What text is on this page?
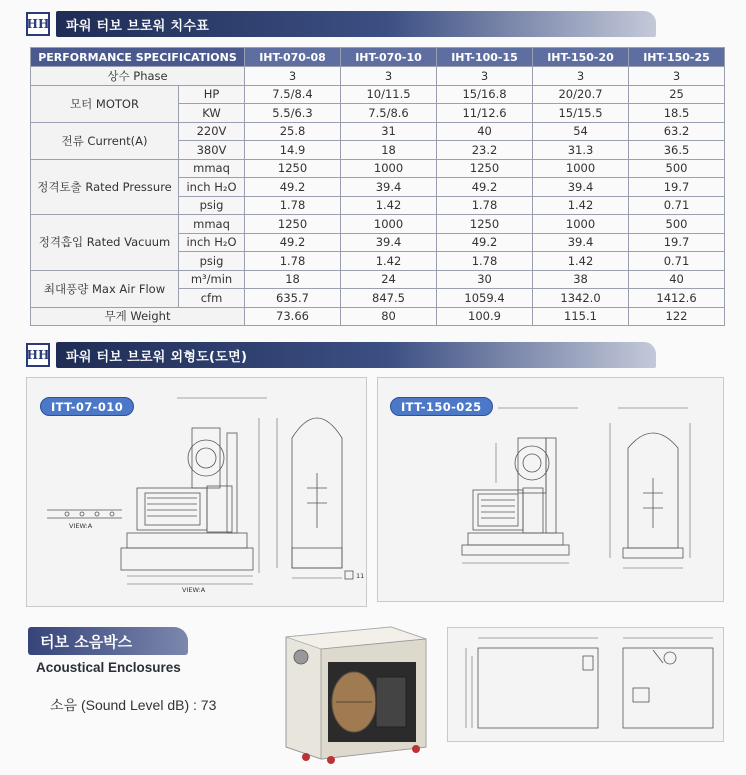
HH	파워 터보 브로워 치수표
PERFORMANCE SPECIFICATIONS		IHT-070-08	IHT-070-10	IHT-100-15	IHT-150-20	IHT-150-25
상수 Phase		3	3	3	3	3
모터 MOTOR	HP	7.5/8.4	10/11.5	15/16.8	20/20.7	25
	KW	5.5/6.3	7.5/8.6	11/12.6	15/15.5	18.5
전류 Current(A)	220V	25.8	31	40	54	63.2
	380V	14.9	18	23.2	31.3	36.5
정격토출 Rated Pressure	mmaq	1250	1000	1250	1000	500
	inch H₂O	49.2	39.4	49.2	39.4	19.7
	psig	1.78	1.42	1.78	1.42	0.71
정격흡입 Rated Vacuum	mmaq	1250	1000	1250	1000	500
	inch H₂O	49.2	39.4	49.2	39.4	19.7
	psig	1.78	1.42	1.78	1.42	0.71
최대풍량 Max Air Flow	m³/min	18	24	30	38	40
	cfm	635.7	847.5	1059.4	1342.0	1412.6
무게 Weight		73.66	80	100.9	115.1	122
HH	파워 터보 브로워 외형도(도면)
VIEW:A
VIEW:A
11
ITT-07-010	ITT-150-025
터보 소음박스
Acoustical Enclosures
소음 (Sound Level dB) : 73
